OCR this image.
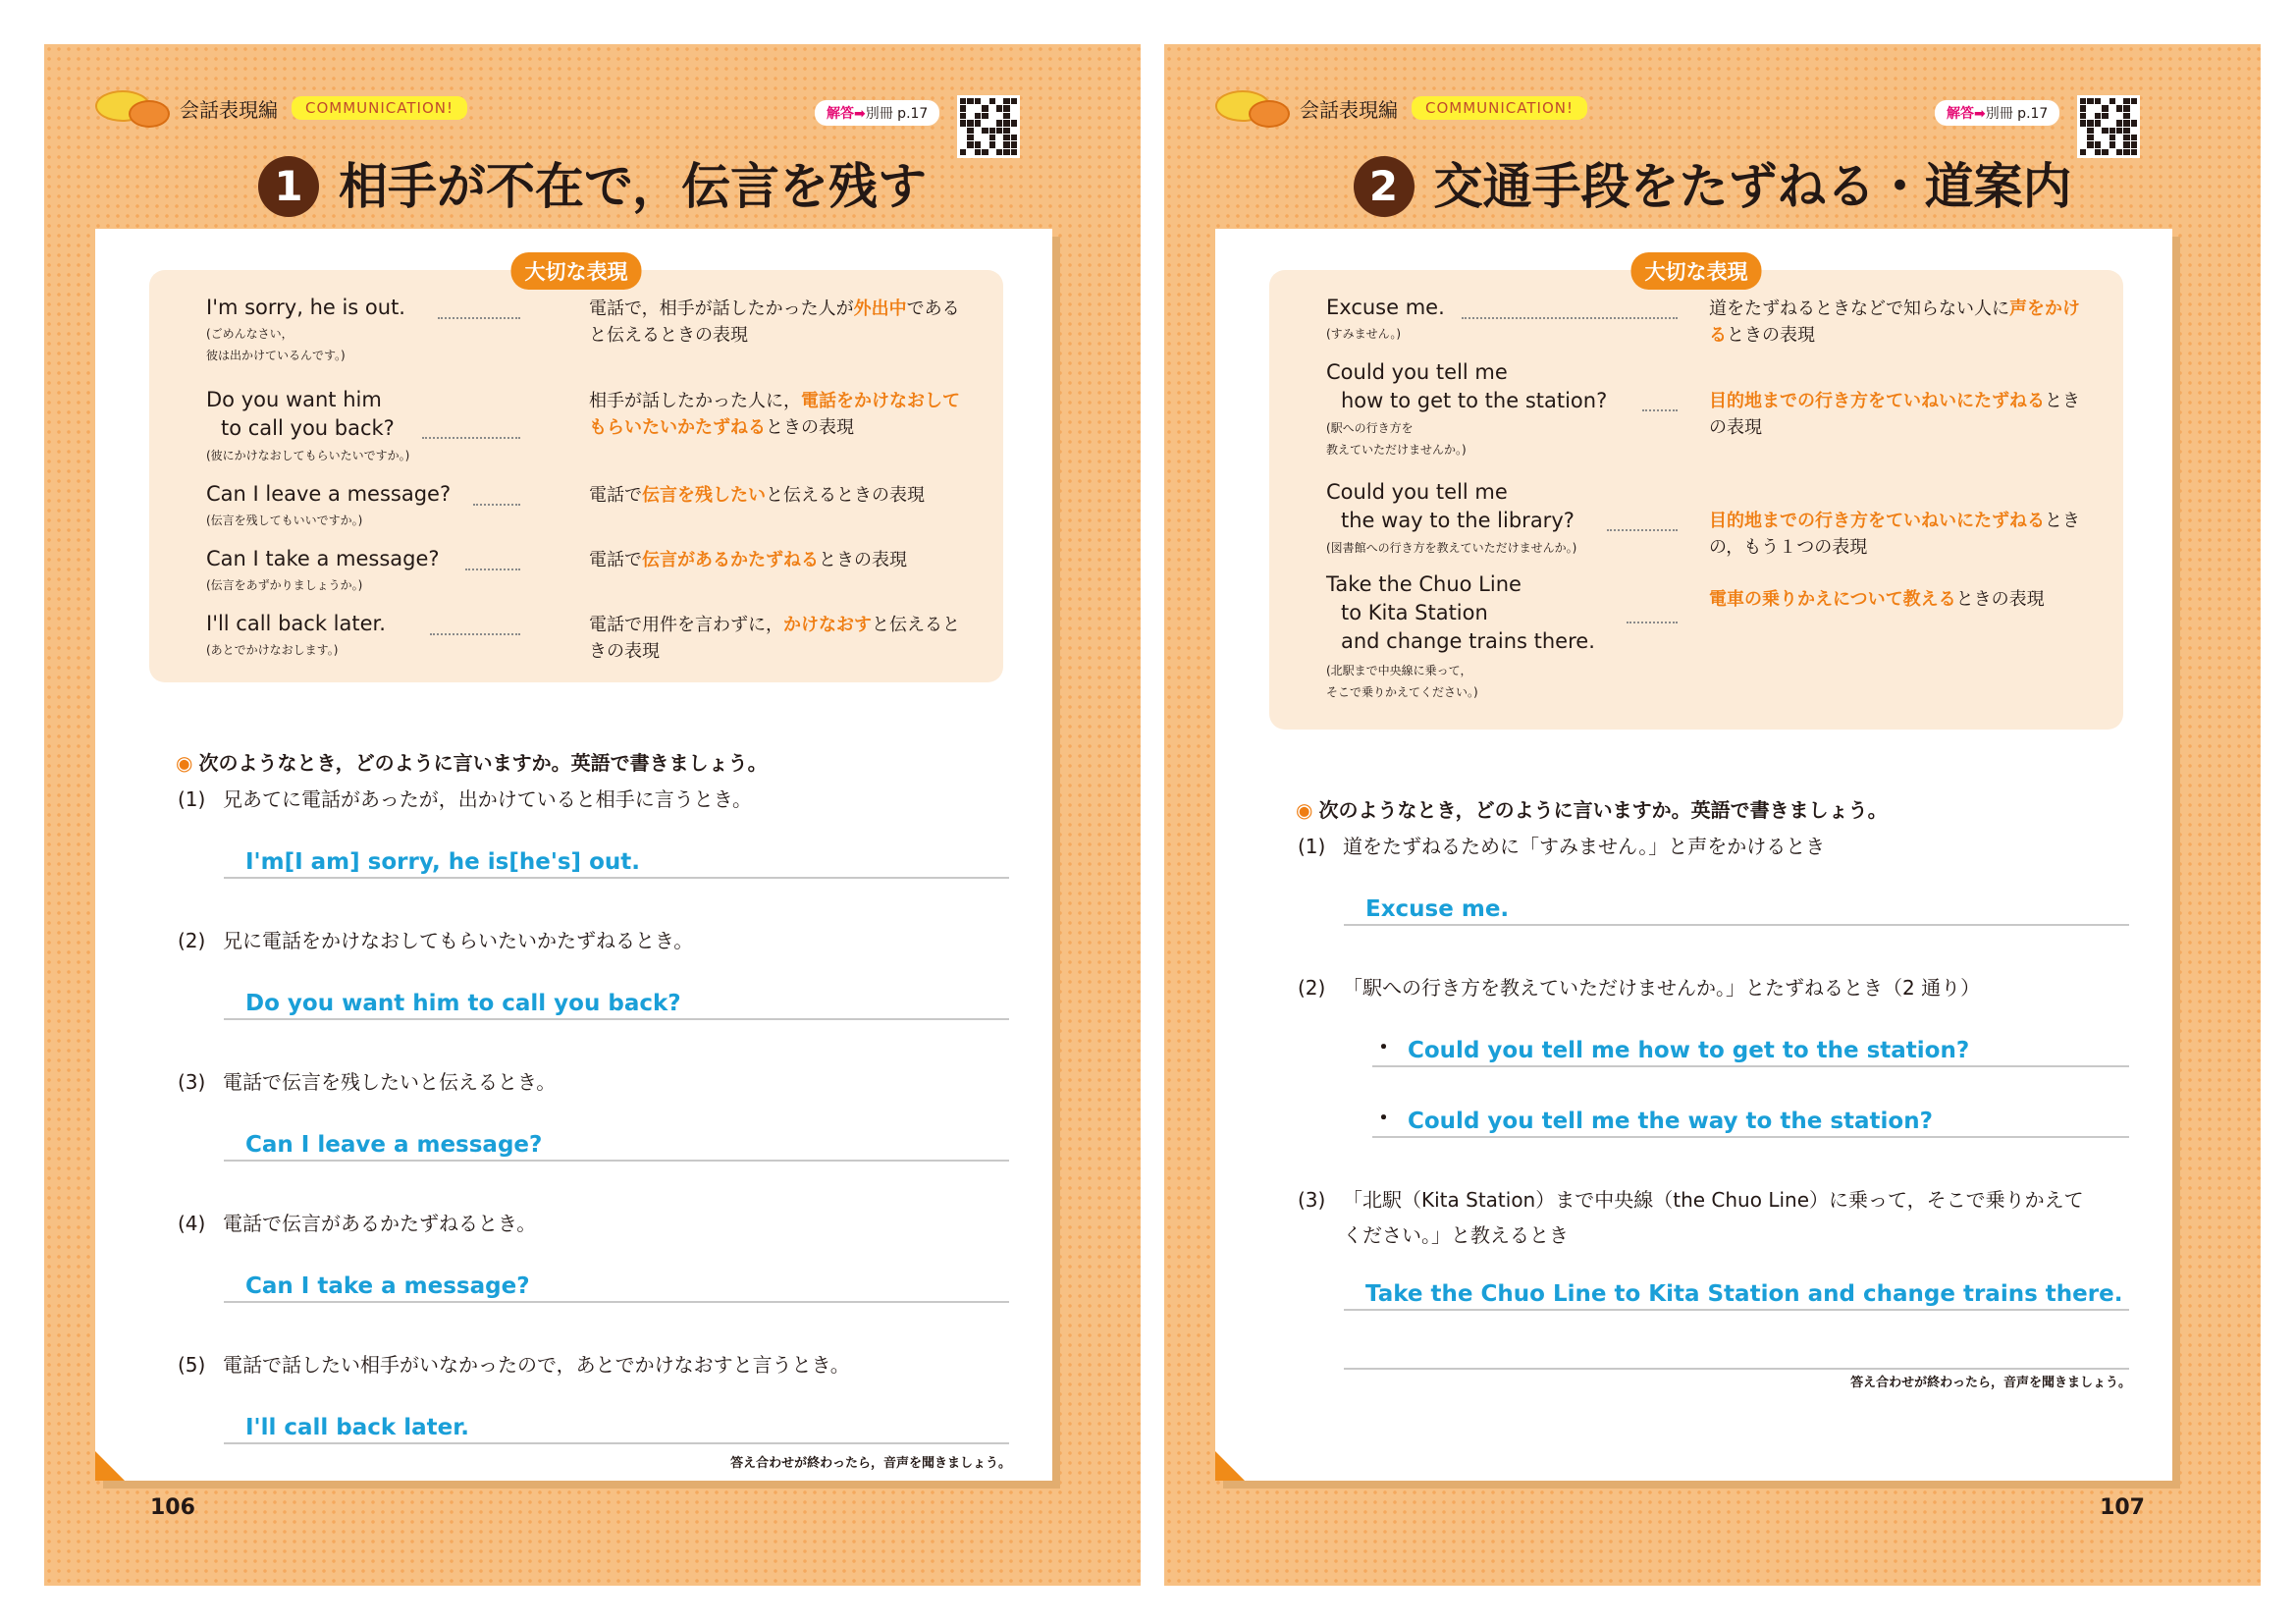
会話表現編	COMMUNICATION!	解答➡別冊 p.17
1 相手が不在で，伝言を残す
大切な表現
I'm sorry, he is out.
(ごめんなさい，
彼は出かけているんです。)
電話で，相手が話したかった人が外出中であると伝えるときの表現
Do you want him
to call you back?
(彼にかけなおしてもらいたいですか。)
相手が話したかった人に，電話をかけなおしてもらいたいかたずねるときの表現
Can I leave a message?
(伝言を残してもいいですか。)
電話で伝言を残したいと伝えるときの表現
Can I take a message?
(伝言をあずかりましょうか。)
電話で伝言があるかたずねるときの表現
I'll call back later.
(あとでかけなおします。)
電話で用件を言わずに，かけなおすと伝えるときの表現
◉ 次のようなとき，どのように言いますか。英語で書きましょう。
(1) 兄あてに電話があったが，出かけていると相手に言うとき。
I'm[I am] sorry, he is[he's] out.
(2) 兄に電話をかけなおしてもらいたいかたずねるとき。
Do you want him to call you back?
(3) 電話で伝言を残したいと伝えるとき。
Can I leave a message?
(4) 電話で伝言があるかたずねるとき。
Can I take a message?
(5) 電話で話したい相手がいなかったので，あとでかけなおすと言うとき。
I'll call back later.
答え合わせが終わったら，音声を聞きましょう。
106
会話表現編	COMMUNICATION!	解答➡別冊 p.17
2 交通手段をたずねる・道案内
大切な表現
Excuse me.
(すみません。)
道をたずねるときなどで知らない人に声をかけるときの表現
Could you tell me
how to get to the station?
(駅への行き方を
教えていただけませんか。)
目的地までの行き方をていねいにたずねるときの表現
Could you tell me
the way to the library?
(図書館への行き方を教えていただけませんか。)
目的地までの行き方をていねいにたずねるときの，もう１つの表現
Take the Chuo Line
to Kita Station
and change trains there.
(北駅まで中央線に乗って，
そこで乗りかえてください。)
電車の乗りかえについて教えるときの表現
◉ 次のようなとき，どのように言いますか。英語で書きましょう。
(1) 道をたずねるために「すみません。」と声をかけるとき
Excuse me.
(2) 「駅への行き方を教えていただけませんか。」とたずねるとき（2 通り）
・ Could you tell me how to get to the station?
・ Could you tell me the way to the station?
(3) 「北駅（Kita Station）まで中央線（the Chuo Line）に乗って，そこで乗りかえて
ください。」と教えるとき
Take the Chuo Line to Kita Station and change trains there.
答え合わせが終わったら，音声を聞きましょう。
107
